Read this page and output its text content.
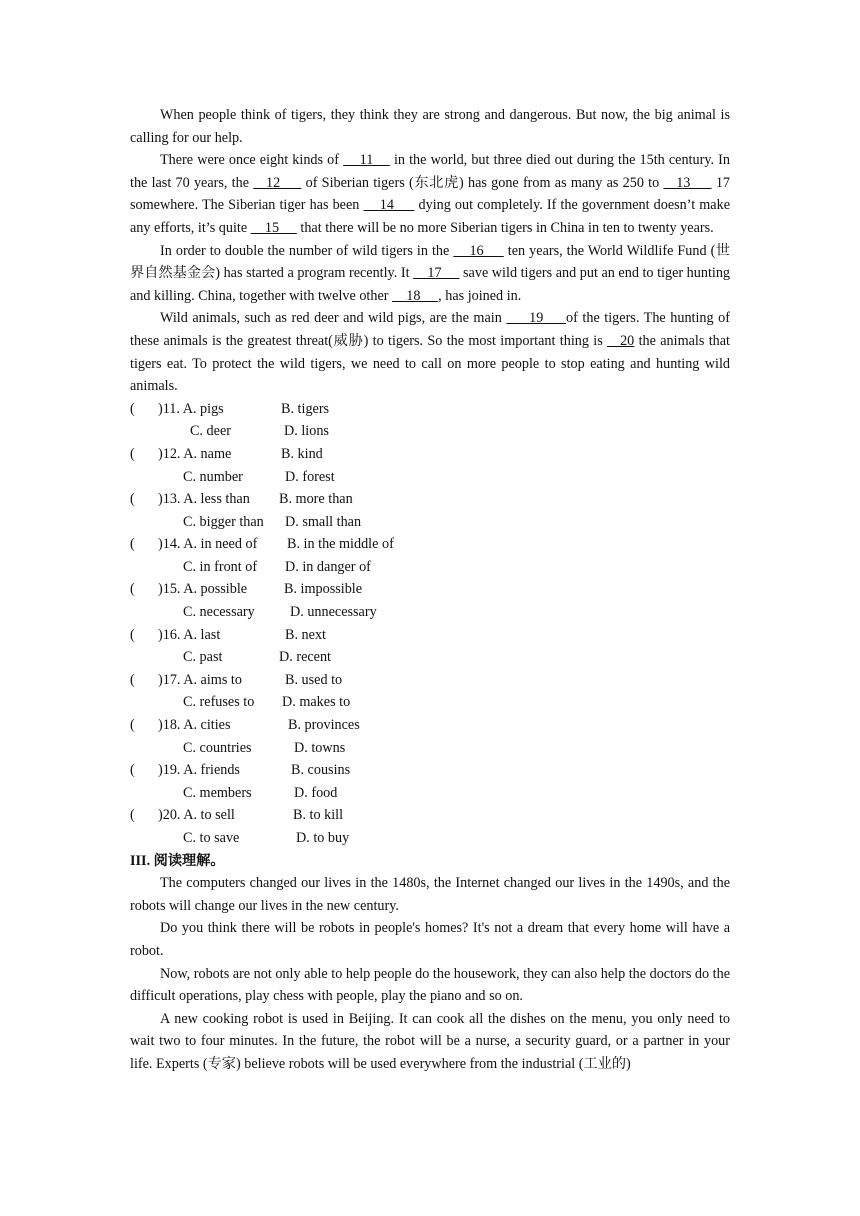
When people think of tigers, they think they are strong and dangerous. But now, the big animal is calling for our help.

There were once eight kinds of     11     in the world, but three died out during the 15th century. In the last 70 years, the    12      of Siberian tigers (东北虎) has gone from as many as 250 to    13      17 somewhere. The Siberian tiger has been     14      dying out completely. If the government doesn’t make any efforts, it’s quite     15      that there will be no more Siberian tigers in China in ten to twenty years.

In order to double the number of wild tigers in the     16      ten years, the World Wildlife Fund (世界自然基金会) has started a program recently. It     17      save wild tigers and put an end to tiger hunting and killing. China, together with twelve other     18     , has joined in.

Wild animals, such as red deer and wild pigs, are the main      19     of the tigers. The hunting of these animals is the greatest threat(威胁) to tigers. So the most important thing is    20 the animals that tigers eat. To protect the wild tigers, we need to call on more people to stop eating and hunting wild animals.

( )11. A. pigs	B. tigers
C. deer	D. lions
( )12. A. name	B. kind
C. number	D. forest
( )13. A. less than B. more than
C. bigger than D. small than
( )14. A. in need of B. in the middle of
C. in front of D. in danger of
( )15. A. possible	B. impossible
C. necessary D. unnecessary
( )16. A. last	B. next
C. past	D. recent
( )17. A. aims to	B. used to
C. refuses to D. makes to
( )18. A. cities	B. provinces
C. countries	D. towns
( )19. A. friends	B. cousins
C. members	D. food
( )20. A. to sell	B. to kill
C. to save	D. to buy

III. 阅读理解。

The computers changed our lives in the 1480s, the Internet changed our lives in the 1490s, and the robots will change our lives in the new century.

Do you think there will be robots in people's homes? It's not a dream that every home will have a robot.

Now, robots are not only able to help people do the housework, they can also help the doctors do the difficult operations, play chess with people, play the piano and so on.

A new cooking robot is used in Beijing. It can cook all the dishes on the menu, you only need to wait two to four minutes. In the future, the robot will be a nurse, a security guard, or a partner in your life. Experts (专家) believe robots will be used everywhere from the industrial (工业的)
